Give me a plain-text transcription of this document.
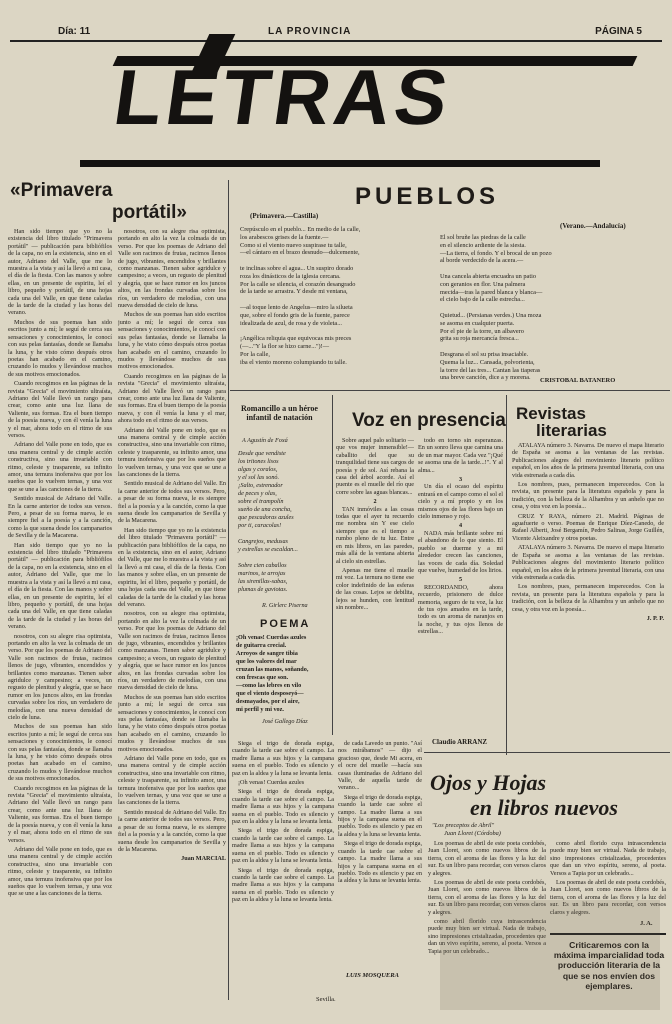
Día: 11	LA PROVINCIA	PÁGINA 5
LETRAS
«Primavera
portátil»

Han sido tiempo que yo no la existencia del libro titulado "Primavera portátil" — publicación para bibliófilos de la capa, no en la existencia, sino en el autor, Adriano del Valle, que me lo muestra a la vista y así la llevó a mi casa, el día de la fiesta. Con las manos y sobre ellas, en un presente de espiritu, leí el libro, pequeño y portátil, de una hojas cada una del Valle, en que tiene caladas de la tarde de la ciudad y las horas del verano.

Muchos de sus poemas han sido escritos junto a mí; le seguí de cerca sus sensaciones y conocimientos, le conocí con sus pelas fantasías, donde se llamaba la luna, y he visto cómo después otros poetas han acabado en el camino, cruzando lo mudos y llevándose muchos de sus motivos emocionados.

Cuando recogimos en las páginas de la revista "Grecia" el movimiento ultraísta, Adriano del Valle llevó un rango para crear, como ante una luz llana de Valiente, sus formas. Era el buen tiempo de la poesía nueva, y con él venía la luna y el mar, ahora todo en el ritmo de sus versos.

Adriano del Valle pone en todo, que es una manera central y de cimple acción constructiva, sino una invariable con ritmo, celeste y trasparente, su infinito amor, una ternura inofensiva que por los sueños que lo vuelven ternas, y una voz que se une a las canciones de la tierra.

Sentido musical de Adriano del Valle. En la carne anterior de todos sus versos. Pero, a pesar de su forma nueva, le es siempre fiel a la poesía y a la canción, como la que suena desde los campanarios de Sevilla y de la Macarena.

Han sido tiempo que yo no la existencia del libro titulado "Primavera portátil" — publicación para bibliófilos de la capa, no en la existencia, sino en el autor, Adriano del Valle, que me lo muestra a la vista y así la llevó a mi casa, el día de la fiesta. Con las manos y sobre ellas, en un presente de espiritu, leí el libro, pequeño y portátil, de una hojas cada una del Valle, en que tiene caladas de la tarde de la ciudad y las horas del verano.

nosotros, con su alegre risa optimista, portando en alto la vez la colmada de un verso. Por que los poemas de Adriano del Valle son racimos de frutas, racimos llenos de jugo, vibrantes, encendidos y brillantes como manzanas. Tienen sabor agridulce y campesino; a veces, un regusto de plenitud y alegría, que se hace rumor en los juncos altos, en las frondas curvadas sobre los ríos, un verdadero de melodías, con una nueva densidad de cielo de luna.

Muchos de sus poemas han sido escritos junto a mí; le seguí de cerca sus sensaciones y conocimientos, le conocí con sus pelas fantasías, donde se llamaba la luna, y he visto cómo después otros poetas han acabado en el camino, cruzando lo mudos y llevándose muchos de sus motivos emocionados.

Cuando recogimos en las páginas de la revista "Grecia" el movimiento ultraísta, Adriano del Valle llevó un rango para crear, como ante una luz llana de Valiente, sus formas. Era el buen tiempo de la poesía nueva, y con él venía la luna y el mar, ahora todo en el ritmo de sus versos.

Adriano del Valle pone en todo, que es una manera central y de cimple acción constructiva, sino una invariable con ritmo, celeste y trasparente, su infinito amor, una ternura inofensiva que por los sueños que lo vuelven ternas, y una voz que se une a las canciones de la tierra.

nosotros, con su alegre risa optimista, portando en alto la vez la colmada de un verso. Por que los poemas de Adriano del Valle son racimos de frutas, racimos llenos de jugo, vibrantes, encendidos y brillantes como manzanas. Tienen sabor agridulce y campesino; a veces, un regusto de plenitud y alegría, que se hace rumor en los juncos altos, en las frondas curvadas sobre los ríos, un verdadero de melodías, con una nueva densidad de cielo de luna.

Muchos de sus poemas han sido escritos junto a mí; le seguí de cerca sus sensaciones y conocimientos, le conocí con sus pelas fantasías, donde se llamaba la luna, y he visto cómo después otros poetas han acabado en el camino, cruzando lo mudos y llevándose muchos de sus motivos emocionados.

Cuando recogimos en las páginas de la revista "Grecia" el movimiento ultraísta, Adriano del Valle llevó un rango para crear, como ante una luz llana de Valiente, sus formas. Era el buen tiempo de la poesía nueva, y con él venía la luna y el mar, ahora todo en el ritmo de sus versos.

Adriano del Valle pone en todo, que es una manera central y de cimple acción constructiva, sino una invariable con ritmo, celeste y trasparente, su infinito amor, una ternura inofensiva que por los sueños que lo vuelven ternas, y una voz que se une a las canciones de la tierra.

Sentido musical de Adriano del Valle. En la carne anterior de todos sus versos. Pero, a pesar de su forma nueva, le es siempre fiel a la poesía y a la canción, como la que suena desde los campanarios de Sevilla y de la Macarena.

Han sido tiempo que yo no la existencia del libro titulado "Primavera portátil" — publicación para bibliófilos de la capa, no en la existencia, sino en el autor, Adriano del Valle, que me lo muestra a la vista y así la llevó a mi casa, el día de la fiesta. Con las manos y sobre ellas, en un presente de espiritu, leí el libro, pequeño y portátil, de una hojas cada una del Valle, en que tiene caladas de la tarde de la ciudad y las horas del verano.

nosotros, con su alegre risa optimista, portando en alto la vez la colmada de un verso. Por que los poemas de Adriano del Valle son racimos de frutas, racimos llenos de jugo, vibrantes, encendidos y brillantes como manzanas. Tienen sabor agridulce y campesino; a veces, un regusto de plenitud y alegría, que se hace rumor en los juncos altos, en las frondas curvadas sobre los ríos, un verdadero de melodías, con una nueva densidad de cielo de luna.

Muchos de sus poemas han sido escritos junto a mí; le seguí de cerca sus sensaciones y conocimientos, le conocí con sus pelas fantasías, donde se llamaba la luna, y he visto cómo después otros poetas han acabado en el camino, cruzando lo mudos y llevándose muchos de sus motivos emocionados.

Adriano del Valle pone en todo, que es una manera central y de cimple acción constructiva, sino una invariable con ritmo, celeste y trasparente, su infinito amor, una ternura inofensiva que por los sueños que lo vuelven ternas, y una voz que se une a las canciones de la tierra.

Sentido musical de Adriano del Valle. En la carne anterior de todos sus versos. Pero, a pesar de su forma nueva, le es siempre fiel a la poesía y a la canción, como la que suena desde los campanarios de Sevilla y de la Macarena.

Juan MARCIAL
PUEBLOS
(Primavera.—Castilla)
(Verano.—Andalucía)
Crepúsculo en el pueblo... En medio de la calle,
los arabescos grises de la fuente.—
Como si el viento nuevo suspirase tu talle,
—el cántaro en el brazo desnudo—dulcemente,

te inclinas sobre el agua... Un suspiro dorado
roza los dinásticos de la iglesia cercana.
Por la calle se silencia, el corazón desangrado
de la tarde se arrastra. Y desde mi ventana,

—al toque lento de Angelus—miro la silueta
que, sobre el fondo gris de la fuente, parece
idealizada de azul, de rosa y de violeta...

¡Angélica reliquia que equivocas mis preces
(—..."Y la flor se hizo carne...")!—
Por la calle,
iba el viento moreno columpiando tu talle.
El sol bruñe las piedras de la calle
en el silencio ardiente de la siesta.
—La tierra, el fondo. Y el brocal de un pozo
al borde verdecido de la acera.—

Una cancela abierta encuadra un patio
con geranios en flor. Una palmera
mecida—tras la pared blanca y blanca—
el cielo bajo de la calle estrecha...

Quietud... (Persianas verdes.) Una moza
se asoma en cualquier puerta.
Por el pie de la torre, un albavero
grita su roja mercancía fresca...

Desgrana el sol su prisa insaciable.
Quema la luz... Cansada, polvorienta,
la torre del las tres... Cantan las tiaperas
una breve canción, dice a y morena.	CRISTOBAL BATANERO
Romancillo a un héroe infantil de natación
A Agustín de Foxá
Desde que vendiste
los tritones lisos
algas y coralos,
y el sol las sonó.
¡Salto, estrenador
de peces y olas,
sobre el trampolín
sueño de una concha,
que pescadoras azules
por ti, caracolas!

Cangrejos, medusas
y estrellas se escaldan...

Sobre cien caballos
marinos, te arrojas
las sirenillas-sabas,
plumas de gaviotas.
R. Girlerc Piserna
POEMA
¡Oh venas! Cuerdas azules
de guitarra crecial.
Arroyos de sangre tibia
que los valores del mar
cruzan las manos, soñando,
con frescas que son.
—como las lebres en vilo
que el viento desposeyó—
desmayados, por el aire,
mi perfil y mi voz.
José Gallego Díaz
Voz en presencia

Sobre aquel palo solitario —que vos mujer inmensible!— caballito del que su tranquilidad tiene sus cargos de poesía y de sol. Así rebana la casa del árbol acorde. Así el puente es el muelle del río que corre sobre las aguas blancas...

2

TAN inmóviles a las cosas todas que el ayer tu recuerdo me nombra sin Y ese cielo siempre que es el tiempo a rumbo pleno de tu luz. Entre en mis libros, en las paredes, más allá de la ventana abierta al cielo sin estrellas.

Apenas me tiene el muelle mi voz. La ternura no tiene ese color indefinido de las esferas de las cosas. Lejos se debilita, lejos se hunden, con lentitud sin nombre...

todo en torno sin esperanzas. En un sonro lleva que camina una de un mar mayor. Cada vez "¡Qué se asoma una de la tarde...!". Y al alma...

3

Un día el ocaso del espíritu entrará en el campo como el sol el cielo y a mí propio y en los mismos ojos de las flores bajo un cielo inmenso y rojo.

4

NADA más brillante sobre mí el abandono de lo que siento. El pueblo se duerme y a mi alrededor crecen las canciones, las voces de cada día. Soledad que vuelve, humedad de los lirios.

5

RECORDANDO, ahora recuerdo, prisionero de dulce memoria, seguro de tu voz, la luz de tus ojos amados en la tarde, todo es un aroma de naranjos en la noche, y tus ojos llenos de estrellas...

Claudio ARRANZ
Revistas
literarias

ATALAYA número 3. Navarra. De nuevo el mapa literario de España se asoma a las ventanas de las revistas. Publicaciones alegres del movimiento literario político español, en los años de la primera juventud literaria, con una vida estrenada a cada día.

Los nombres, pues, permanecen imperecedos. Con la revista, un presente para la literatura española y para la tradición, con la belleza de la Alhambra y un anhelo que no cesa, y otra voz en la poesía...

CRUZ Y RAYA, número 21. Madrid. Páginas de aguafuerte o verso. Poemas de Enrique Díez-Canedo, de Rafael Alberti, José Bergamín, Pedro Salinas, Jorge Guillén, Vicente Aleixandre y otros poetas.

ATALAYA número 3. Navarra. De nuevo el mapa literario de España se asoma a las ventanas de las revistas. Publicaciones alegres del movimiento literario político español, en los años de la primera juventud literaria, con una vida estrenada a cada día.

Los nombres, pues, permanecen imperecedos. Con la revista, un presente para la literatura española y para la tradición, con la belleza de la Alhambra y un anhelo que no cesa, y otra voz en la poesía...

J. P. P.

Siega el trigo de dorada espiga, cuando la tarde cae sobre el campo. La madre llama a sus hijos y la campana suena en el pueblo. Todo es silencio y paz en la aldea y la luna se levanta lenta.

¡Oh venas! Cuerdas azules

Siega el trigo de dorada espiga, cuando la tarde cae sobre el campo. La madre llama a sus hijos y la campana suena en el pueblo. Todo es silencio y paz en la aldea y la luna se levanta lenta.

Siega el trigo de dorada espiga, cuando la tarde cae sobre el campo. La madre llama a sus hijos y la campana suena en el pueblo. Todo es silencio y paz en la aldea y la luna se levanta lenta.

Siega el trigo de dorada espiga, cuando la tarde cae sobre el campo. La madre llama a sus hijos y la campana suena en el pueblo. Todo es silencio y paz en la aldea y la luna se levanta lenta.

de cada Lavedo un punto. "Así nos mirábamos" — dijo el gracioso que, desde Mi acera, en el ocre del muelle —hacía sus casas iluminadas de Adriano del Valle, de aquella tarde de verano...

Siega el trigo de dorada espiga, cuando la tarde cae sobre el campo. La madre llama a sus hijos y la campana suena en el pueblo. Todo es silencio y paz en la aldea y la luna se levanta lenta.

Siega el trigo de dorada espiga, cuando la tarde cae sobre el campo. La madre llama a sus hijos y la campana suena en el pueblo. Todo es silencio y paz en la aldea y la luna se levanta lenta.

LUIS MOSQUERA
Sevilla.
Ojos y Hojas
en libros nuevos
"Los preceptos de Abril"
Juan Lloret (Córdoba)

Los poemas de abril de este poeta cordobés, Juan Lloret, son como nuevos libros de la tierra, con el aroma de las flores y la luz del sur. Es un libro para recordar, con versos claros y alegres.

Los poemas de abril de este poeta cordobés, Juan Lloret, son como nuevos libros de la tierra, con el aroma de las flores y la luz del sur. Es un libro para recordar, con versos claros y alegres.

como abril florido cuya intrascendencia puede muy bien ser virtual. Nada de trabajo, sino impresiones cristalizadas, procedentes que dan un vivo espíritu, sereno, al poeta. Versos a Tapia por un celebrado...

como abril florido cuya intrascendencia puede muy bien ser virtual. Nada de trabajo, sino impresiones cristalizadas, procedentes que dan un vivo espíritu, sereno, al poeta. Versos a Tapia por un celebrado...

Los poemas de abril de este poeta cordobés, Juan Lloret, son como nuevos libros de la tierra, con el aroma de las flores y la luz del sur. Es un libro para recordar, con versos claros y alegres.

J. A.
Criticaremos con la máxima imparcialidad toda producción literaria de la que se nos envíen dos ejemplares.
